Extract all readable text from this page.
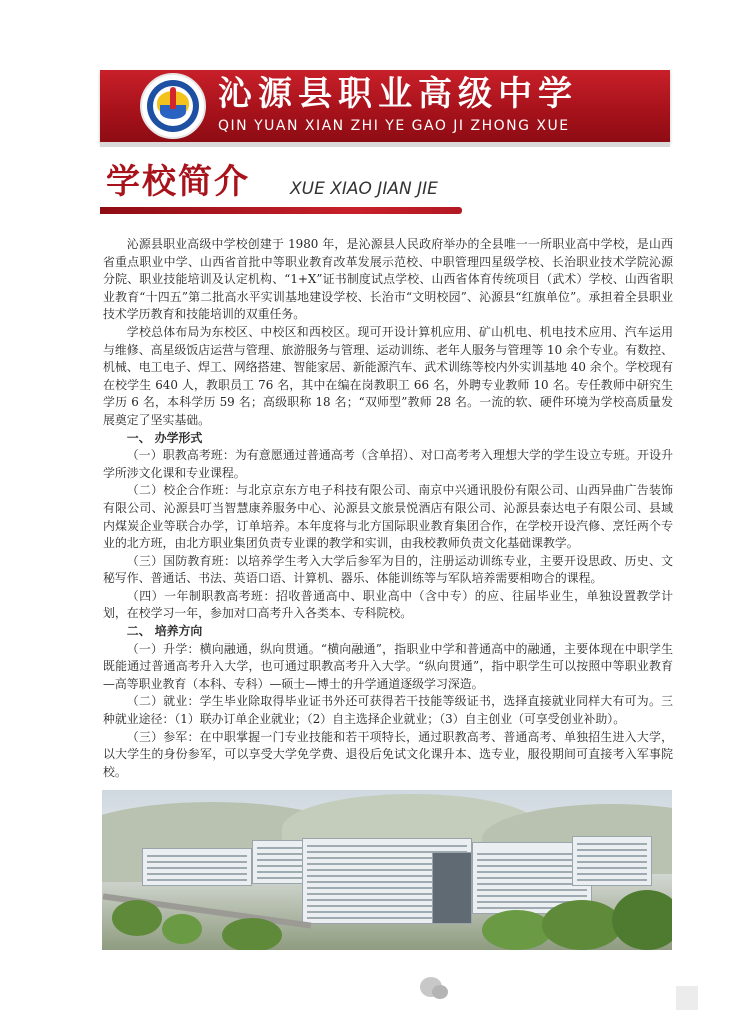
沁源县职业高级中学
QIN YUAN XIAN ZHI YE GAO JI ZHONG XUE
学校简介 XUE XIAO JIAN JIE

沁源县职业高级中学校创建于 1980 年，是沁源县人民政府举办的全县唯一一所职业高中学校，是山西省重点职业中学、山西省首批中等职业教育改革发展示范校、中职管理四星级学校、长治职业技术学院沁源分院、职业技能培训及认定机构、“1+X”证书制度试点学校、山西省体育传统项目（武术）学校、山西省职业教育“十四五”第二批高水平实训基地建设学校、长治市“文明校园”、沁源县“红旗单位”。承担着全县职业技术学历教育和技能培训的双重任务。

学校总体布局为东校区、中校区和西校区。现可开设计算机应用、矿山机电、机电技术应用、汽车运用与维修、高星级饭店运营与管理、旅游服务与管理、运动训练、老年人服务与管理等 10 余个专业。有数控、机械、电工电子、焊工、网络搭建、智能家居、新能源汽车、武术训练等校内外实训基地 40 余个。学校现有在校学生 640 人，教职员工 76 名，其中在编在岗教职工 66 名，外聘专业教师 10 名。专任教师中研究生学历 6 名，本科学历 59 名；高级职称 18 名；“双师型”教师 28 名。一流的软、硬件环境为学校高质量发展奠定了坚实基础。

一、 办学形式

（一）职教高考班：为有意愿通过普通高考（含单招）、对口高考考入理想大学的学生设立专班。开设升学所涉文化课和专业课程。

（二）校企合作班：与北京京东方电子科技有限公司、南京中兴通讯股份有限公司、山西异曲广告装饰有限公司、沁源县叮当智慧康养服务中心、沁源县文旅景悦酒店有限公司、沁源县泰达电子有限公司、县域内煤炭企业等联合办学，订单培养。本年度将与北方国际职业教育集团合作，在学校开设汽修、烹饪两个专业的北方班，由北方职业集团负责专业课的教学和实训，由我校教师负责文化基础课教学。

（三）国防教育班：以培养学生考入大学后参军为目的，注册运动训练专业，主要开设思政、历史、文秘写作、普通话、书法、英语口语、计算机、器乐、体能训练等与军队培养需要相吻合的课程。

（四）一年制职教高考班：招收普通高中、职业高中（含中专）的应、往届毕业生，单独设置教学计划，在校学习一年，参加对口高考升入各类本、专科院校。

二、 培养方向

（一）升学：横向融通，纵向贯通。“横向融通”，指职业中学和普通高中的融通，主要体现在中职学生既能通过普通高考升入大学，也可通过职教高考升入大学。“纵向贯通”，指中职学生可以按照中等职业教育—高等职业教育（本科、专科）—硕士—博士的升学通道逐级学习深造。

（二）就业：学生毕业除取得毕业证书外还可获得若干技能等级证书，选择直接就业同样大有可为。三种就业途径：（1）联办订单企业就业；（2）自主选择企业就业；（3）自主创业（可享受创业补助）。

（三）参军：在中职掌握一门专业技能和若干项特长，通过职教高考、普通高考、单独招生进入大学，以大学生的身份参军，可以享受大学免学费、退役后免试文化课升本、选专业，服役期间可直接考入军事院校。
